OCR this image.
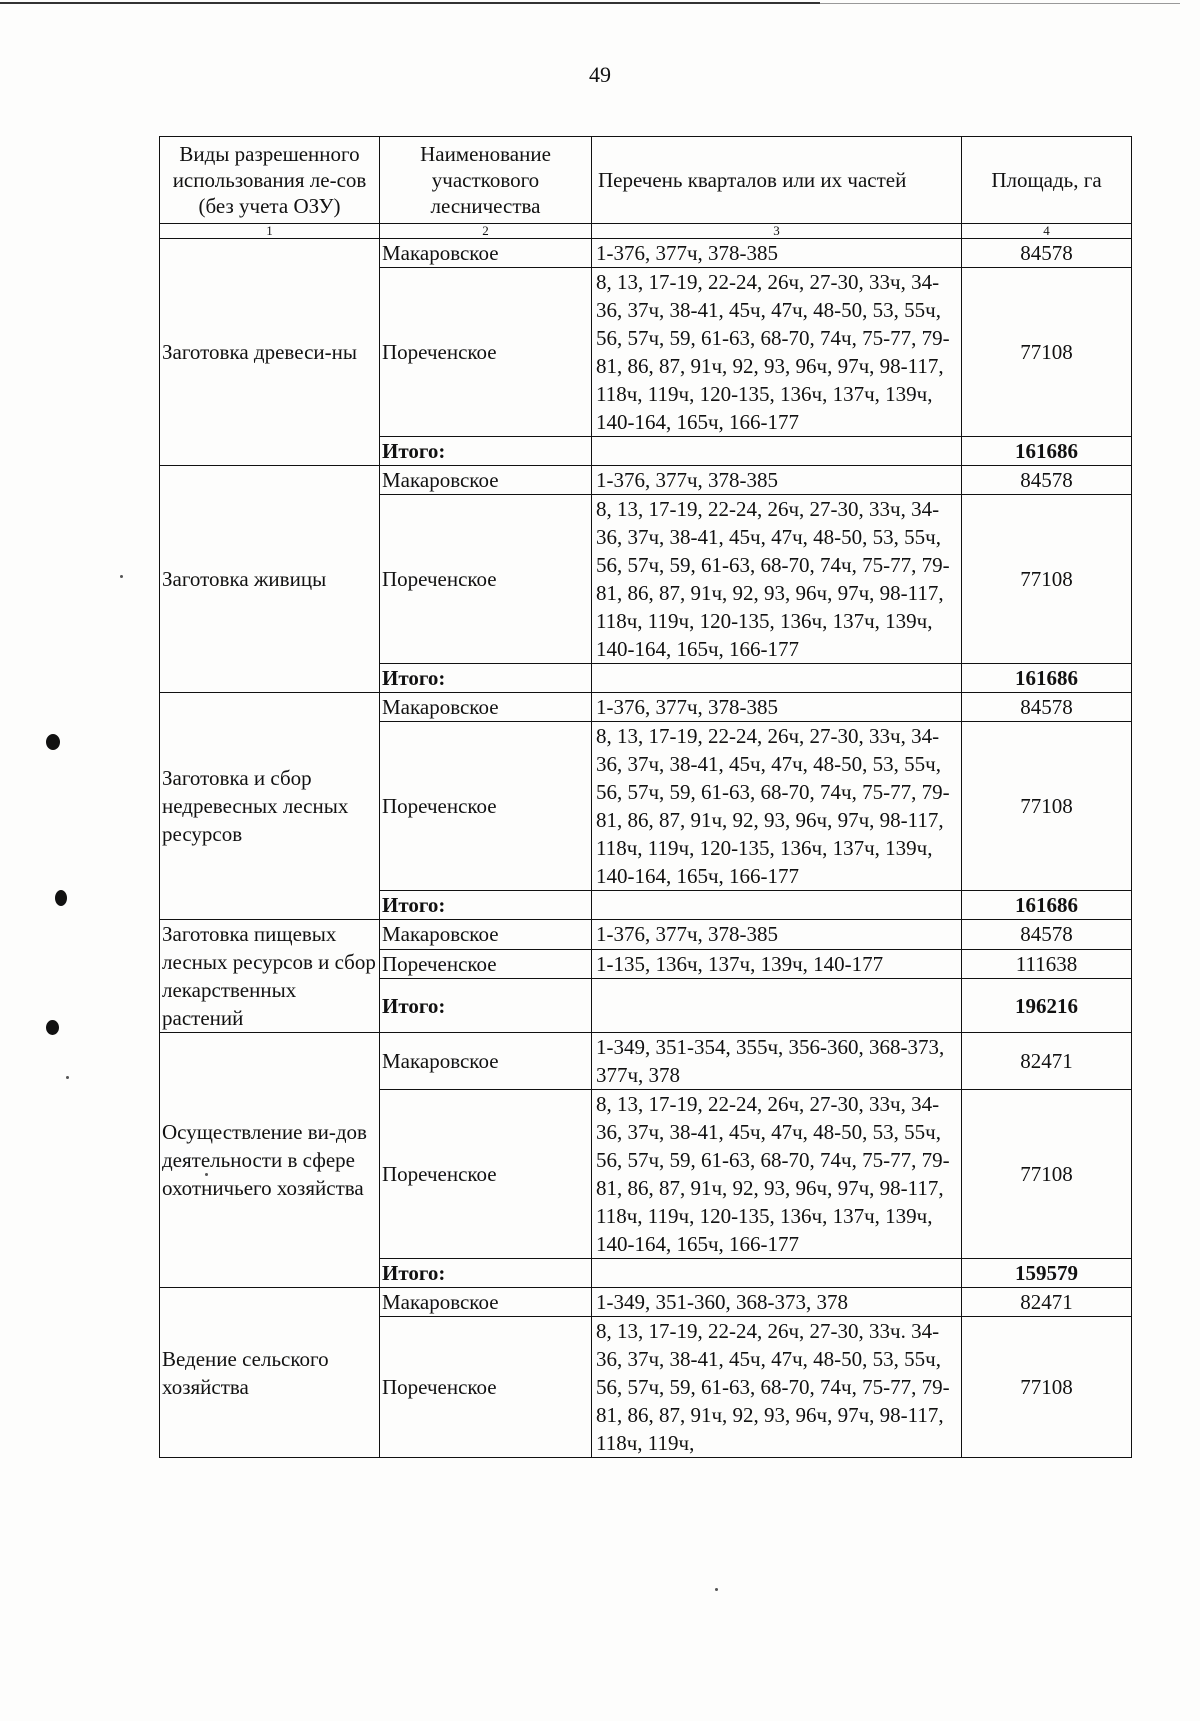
49
Виды разрешенного использования ле-сов (без учета ОЗУ)	Наименование участкового лесничества	Перечень кварталов или их частей	Площадь, га
1	2	3	4
Заготовка древеси-ны	Макаровское	1-376, 377ч, 378-385	84578
	Пореченское	8, 13, 17-19, 22-24, 26ч, 27-30, 33ч, 34-36, 37ч, 38-41, 45ч, 47ч, 48-50, 53, 55ч, 56, 57ч, 59, 61-63, 68-70, 74ч, 75-77, 79-81, 86, 87, 91ч, 92, 93, 96ч, 97ч, 98-117, 118ч, 119ч, 120-135, 136ч, 137ч, 139ч, 140-164, 165ч, 166-177	77108
	Итого:		161686
Заготовка живицы	Макаровское	1-376, 377ч, 378-385	84578
	Пореченское	8, 13, 17-19, 22-24, 26ч, 27-30, 33ч, 34-36, 37ч, 38-41, 45ч, 47ч, 48-50, 53, 55ч, 56, 57ч, 59, 61-63, 68-70, 74ч, 75-77, 79-81, 86, 87, 91ч, 92, 93, 96ч, 97ч, 98-117, 118ч, 119ч, 120-135, 136ч, 137ч, 139ч, 140-164, 165ч, 166-177	77108
	Итого:		161686
Заготовка и сбор недревесных лесных ресурсов	Макаровское	1-376, 377ч, 378-385	84578
	Пореченское	8, 13, 17-19, 22-24, 26ч, 27-30, 33ч, 34-36, 37ч, 38-41, 45ч, 47ч, 48-50, 53, 55ч, 56, 57ч, 59, 61-63, 68-70, 74ч, 75-77, 79-81, 86, 87, 91ч, 92, 93, 96ч, 97ч, 98-117, 118ч, 119ч, 120-135, 136ч, 137ч, 139ч, 140-164, 165ч, 166-177	77108
	Итого:		161686
Заготовка пищевых лесных ресурсов и сбор лекарственных растений	Макаровское	1-376, 377ч, 378-385	84578
	Пореченское	1-135, 136ч, 137ч, 139ч, 140-177	111638
	Итого:		196216
Осуществление ви-дов деятельности в сфере охотничьего хозяйства	Макаровское	1-349, 351-354, 355ч, 356-360, 368-373, 377ч, 378	82471
	Пореченское	8, 13, 17-19, 22-24, 26ч, 27-30, 33ч, 34-36, 37ч, 38-41, 45ч, 47ч, 48-50, 53, 55ч, 56, 57ч, 59, 61-63, 68-70, 74ч, 75-77, 79-81, 86, 87, 91ч, 92, 93, 96ч, 97ч, 98-117, 118ч, 119ч, 120-135, 136ч, 137ч, 139ч, 140-164, 165ч, 166-177	77108
	Итого:		159579
Ведение сельского хозяйства	Макаровское	1-349, 351-360, 368-373, 378	82471
	Пореченское	8, 13, 17-19, 22-24, 26ч, 27-30, 33ч. 34-36, 37ч, 38-41, 45ч, 47ч, 48-50, 53, 55ч, 56, 57ч, 59, 61-63, 68-70, 74ч, 75-77, 79-81, 86, 87, 91ч, 92, 93, 96ч, 97ч, 98-117, 118ч, 119ч,	77108
